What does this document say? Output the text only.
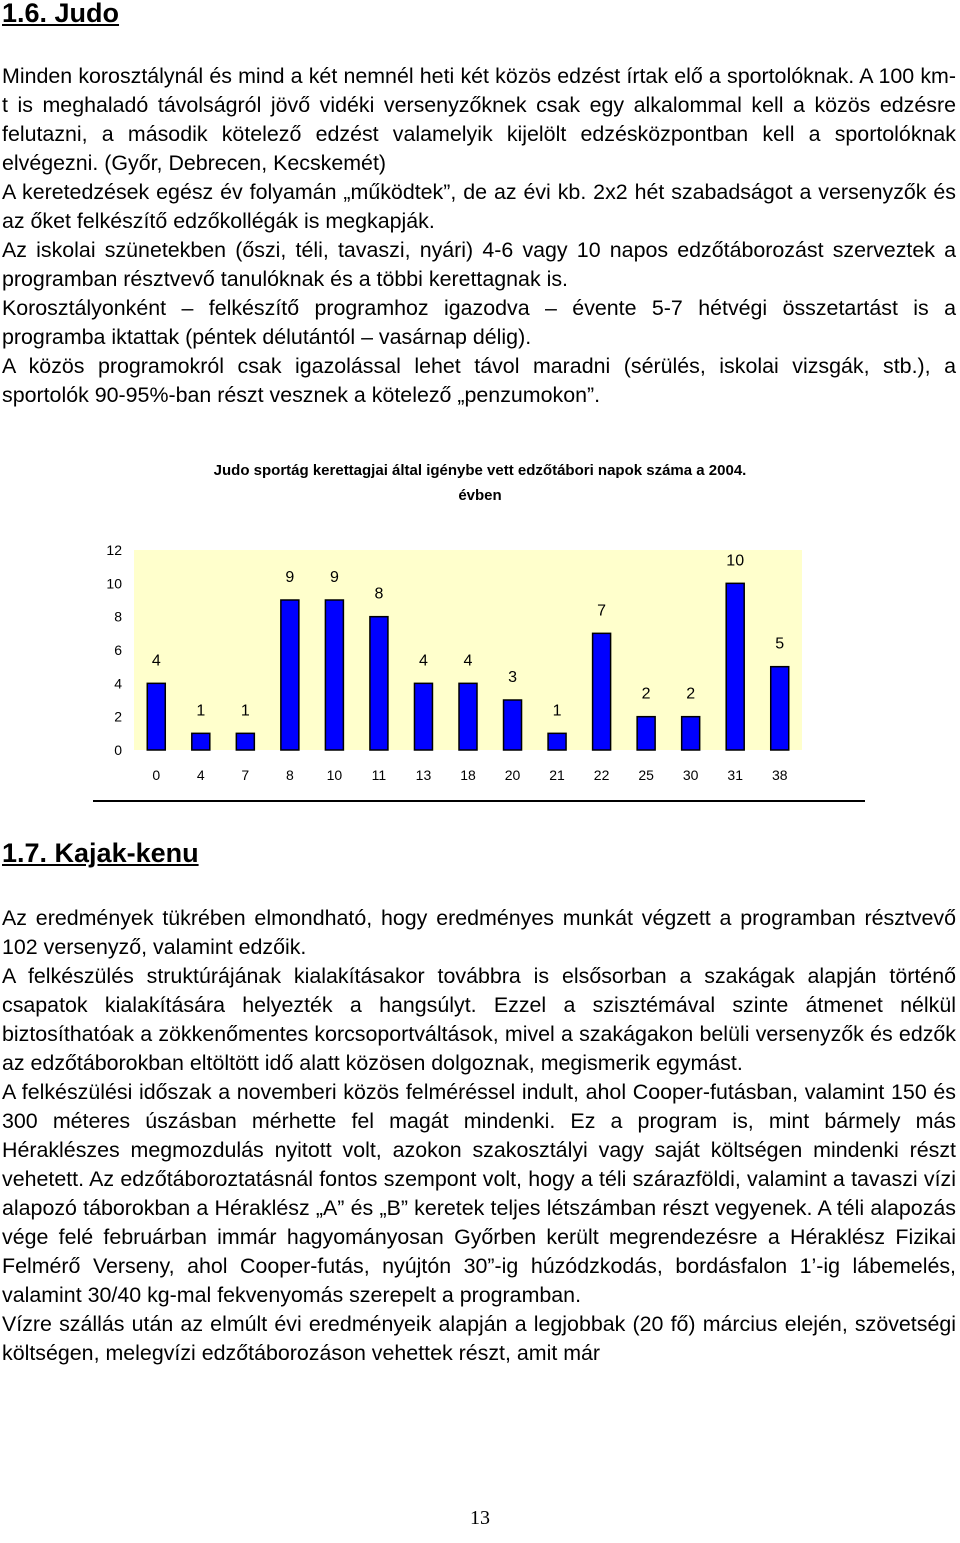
1.6. Judo

Minden korosztálynál és mind a két nemnél heti két közös edzést írtak elő a sportolóknak. A 100 km-t is meghaladó távolságról jövő vidéki versenyzőknek csak egy alkalommal kell a közös edzésre felutazni, a második kötelező edzést valamelyik kijelölt edzésközpontban kell a sportolóknak elvégezni. (Győr, Debrecen, Kecskemét)
A keretedzések egész év folyamán „működtek”, de az évi kb. 2x2 hét szabadságot a versenyzők és az őket felkészítő edzőkollégák is megkapják.
Az iskolai szünetekben (őszi, téli, tavaszi, nyári) 4-6 vagy 10 napos edzőtáborozást szerveztek a programban résztvevő tanulóknak és a többi kerettagnak is.
Korosztályonként – felkészítő programhoz igazodva – évente 5-7 hétvégi összetartást is a programba iktattak (péntek délutántól – vasárnap délig).
A közös programokról csak igazolással lehet távol maradni (sérülés, iskolai vizsgák, stb.), a sportolók 90-95%-ban részt vesznek a kötelező „penzumokon”.

Judo sportág kerettagjai által igénybe vett edzőtábori napok száma a 2004.
évben
0
2
4
6
8
10
12
4
0
1
4
1
7
9
8
9
10
8
11
4
13
4
18
3
20
1
21
7
22
2
25
2
30
10
31
5
38
1.7. Kajak-kenu

Az eredmények tükrében elmondható, hogy eredményes munkát végzett a programban résztvevő 102 versenyző, valamint edzőik.
A felkészülés struktúrájának kialakításakor továbbra is elsősorban a szakágak alapján történő csapatok kialakítására helyezték a hangsúlyt. Ezzel a szisztémával szinte átmenet nélkül biztosíthatóak a zökkenőmentes korcsoportváltások, mivel a szakágakon belüli versenyzők és edzők az edzőtáborokban eltöltött idő alatt közösen dolgoznak, megismerik egymást.
A felkészülési időszak a novemberi közös felméréssel indult, ahol Cooper-futásban, valamint 150 és 300 méteres úszásban mérhette fel magát mindenki. Ez a program is, mint bármely más Héraklészes megmozdulás nyitott volt, azokon szakosztályi vagy saját költségen mindenki részt vehetett. Az edzőtáboroztatásnál fontos szempont volt, hogy a téli szárazföldi, valamint a tavaszi vízi alapozó táborokban a Héraklész „A” és „B” keretek teljes létszámban részt vegyenek. A téli alapozás vége felé februárban immár hagyományosan Győrben került megrendezésre a Héraklész Fizikai Felmérő Verseny, ahol Cooper-futás, nyújtón 30”-ig húzódzkodás, bordásfalon 1’-ig lábemelés, valamint 30/40 kg-mal fekvenyomás szerepelt a programban.
Vízre szállás után az elmúlt évi eredményeik alapján a legjobbak (20 fő) március elején, szövetségi költségen, melegvízi edzőtáborozáson vehettek részt, amit már

13
